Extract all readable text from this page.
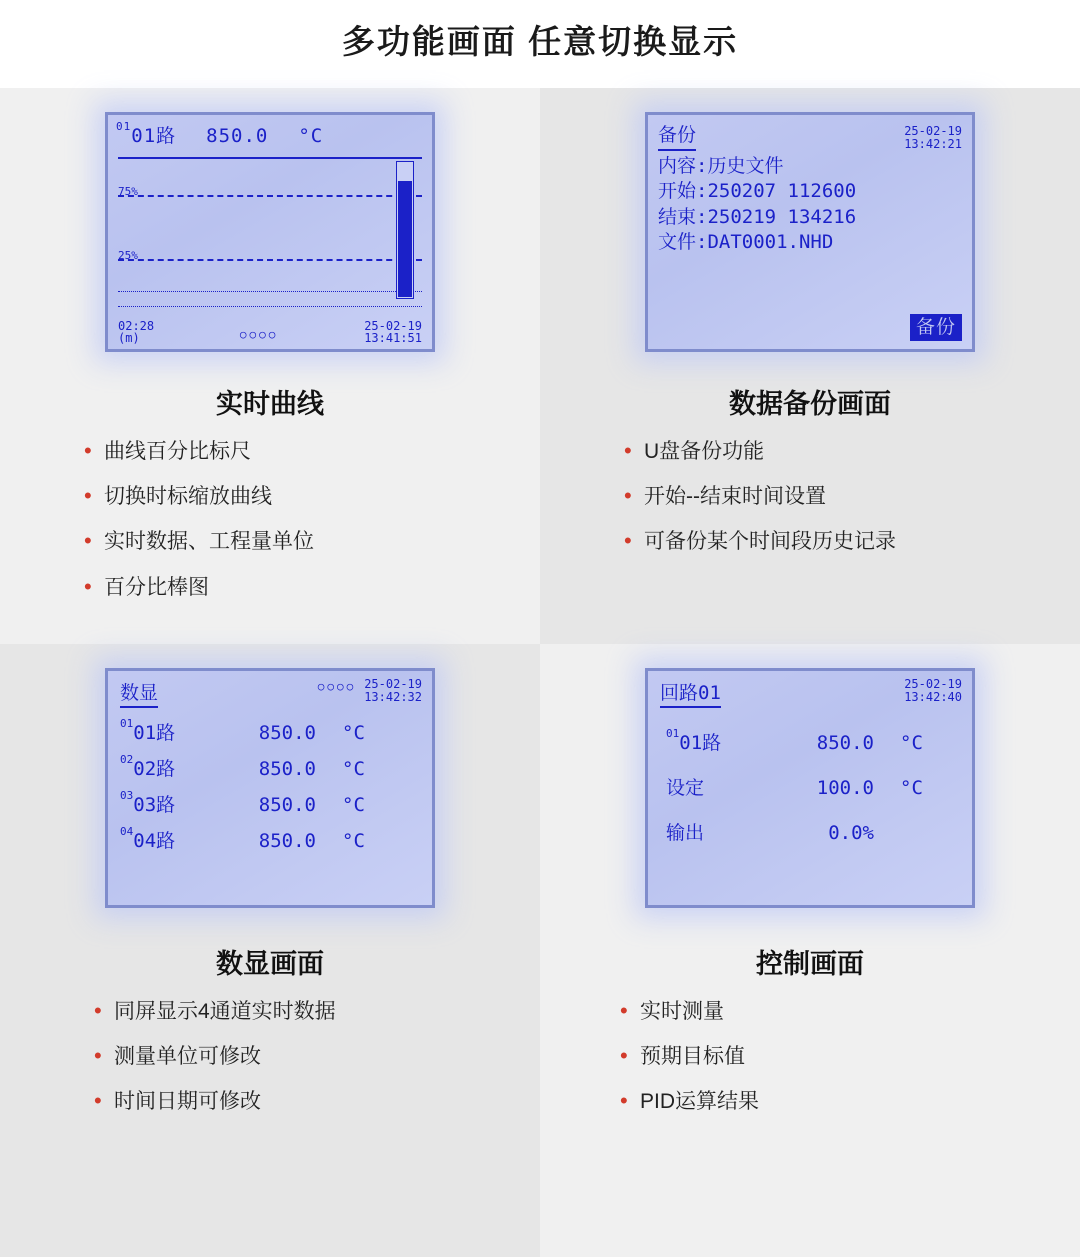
多功能画面 任意切换显示
$^{01}$01路 850.0 °C
75%
25%
02:28
(m)	○○○○
25-02-19
13:41:51
实时曲线
• 曲线百分比标尺
• 切换时标缩放曲线
• 实时数据、工程量单位
• 百分比棒图
备份	25-02-19
13:42:21
内容:历史文件
开始:250207 112600
结束:250219 134216
文件:DAT0001.NHD
备份
数据备份画面
• U盘备份功能
• 开始--结束时间设置
• 可备份某个时间段历史记录
数显	○○○○ 25-02-19
13:42:32
$^{01}$01路	850.0	°C
$^{02}$02路	850.0	°C
$^{03}$03路	850.0	°C
$^{04}$04路	850.0	°C
数显画面
• 同屏显示4通道实时数据
• 测量单位可修改
• 时间日期可修改
回路01	25-02-19
13:42:40
$^{01}$01路	850.0	°C
设定	100.0	°C
输出	0.0%
控制画面
• 实时测量
• 预期目标值
• PID运算结果
